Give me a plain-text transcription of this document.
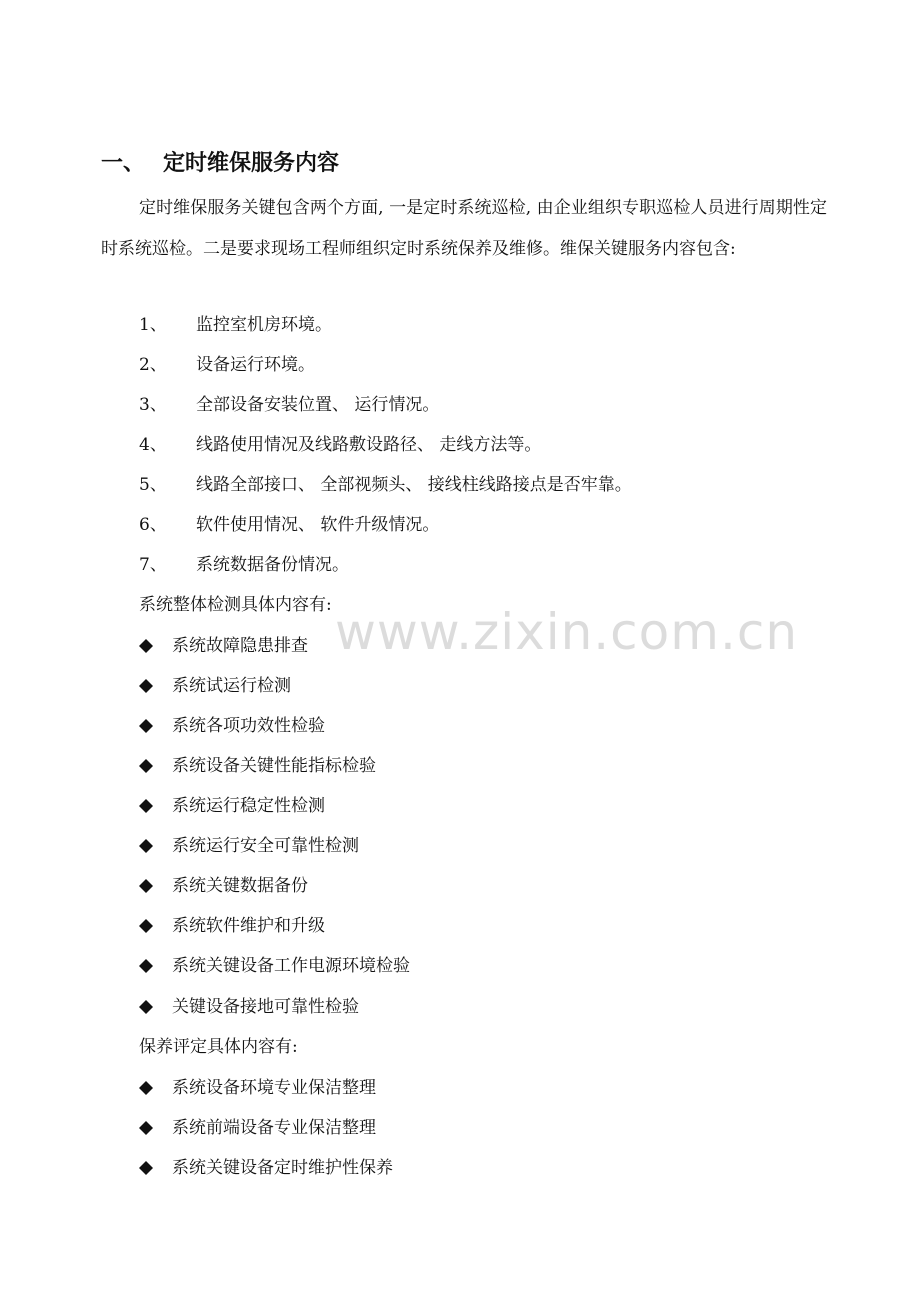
www.zixin.com.cn
一、 定时维保服务内容
定时维保服务关键包含两个方面, 一是定时系统巡检, 由企业组织专职巡检人员进行周期性定时系统巡检。二是要求现场工程师组织定时系统保养及维修。维保关键服务内容包含:
1、 监控室机房环境。
2、 设备运行环境。
3、 全部设备安装位置、 运行情况。
4、 线路使用情况及线路敷设路径、 走线方法等。
5、 线路全部接口、 全部视频头、 接线柱线路接点是否牢靠。
6、 软件使用情况、 软件升级情况。
7、 系统数据备份情况。
系统整体检测具体内容有:
系统故障隐患排查
系统试运行检测
系统各项功效性检验
系统设备关键性能指标检验
系统运行稳定性检测
系统运行安全可靠性检测
系统关键数据备份
系统软件维护和升级
系统关键设备工作电源环境检验
关键设备接地可靠性检验
保养评定具体内容有:
系统设备环境专业保洁整理
系统前端设备专业保洁整理
系统关键设备定时维护性保养
